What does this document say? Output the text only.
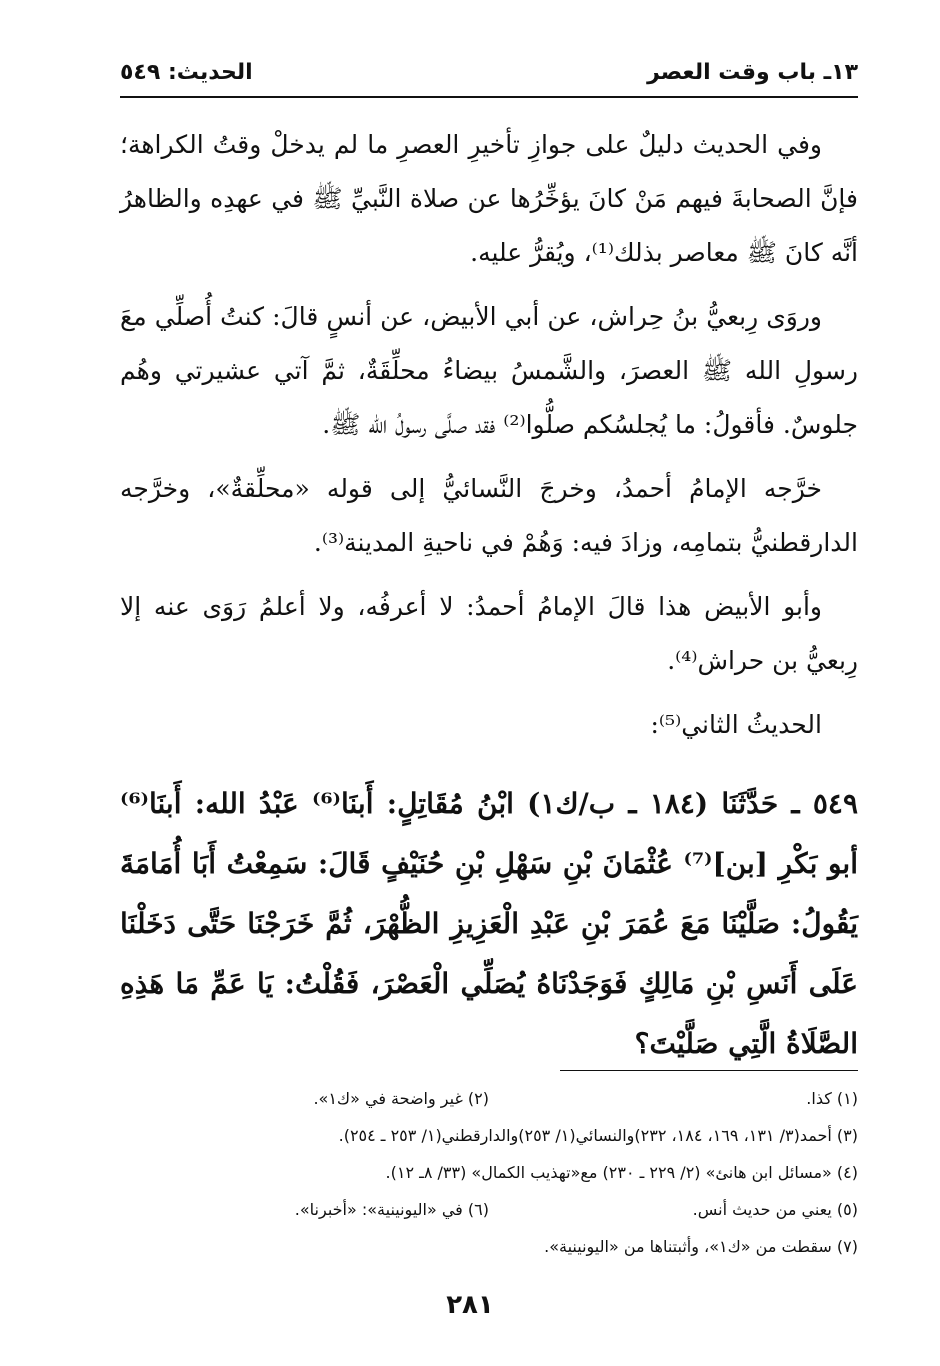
١٣ـ باب وقت العصر
الحديث: ٥٤٩

وفي الحديث دليلٌ على جوازِ تأخيرِ العصرِ ما لم يدخلْ وقتُ الكراهة؛ فإنَّ الصحابةَ فيهم مَنْ كانَ يؤخِّرُها عن صلاة النَّبيِّ ﷺ في عهدِه والظاهرُ أنَّه كانَ ﷺ معاصر بذلك⁽¹⁾، ويُقرُّ عليه.

وروَى رِبعيُّ بنُ حِراش، عن أبي الأبيض، عن أنسٍ قالَ: كنتُ أُصلِّي معَ رسولِ الله ﷺ العصرَ، والشَّمسُ بيضاءُ محلِّقَةٌ، ثمَّ آتي عشيرتي وهُم جلوسٌ. فأقولُ: ما يُجلسُكم صلُّوا⁽²⁾ فقد صلَّى رسولُ الله ﷺ.

خرَّجه الإمامُ أحمدُ، وخرجَ النَّسائيُّ إلى قوله «محلِّقةٌ»، وخرَّجه الدارقطنيُّ بتمامِه، وزادَ فيه: وَهُمْ في ناحيةِ المدينة⁽³⁾.

وأبو الأبيض هذا قالَ الإمامُ أحمدُ: لا أعرفُه، ولا أعلمُ رَوَى عنه إلا رِبعيُّ بن حراش⁽⁴⁾.

الحديثُ الثاني⁽⁵⁾:

٥٤٩ ـ حَدَّثَنَا (١٨٤ ـ ب/ك١) ابْنُ مُقَاتِلٍ: أَبنَا⁽⁶⁾ عَبْدُ الله: أَبنَا⁽⁶⁾ أبو بَكْرِ [بن]⁽⁷⁾ عُثْمَانَ بْنِ سَهْلِ بْنِ حُنَيْفٍ قَالَ: سَمِعْتُ أَبَا أُمَامَةَ يَقُولُ: صَلَّيْنَا مَعَ عُمَرَ بْنِ عَبْدِ الْعَزِيزِ الظُّهْرَ، ثُمَّ خَرَجْنَا حَتَّى دَخَلْنَا عَلَى أَنَسِ بْنِ مَالِكٍ فَوَجَدْنَاهُ يُصَلِّي الْعَصْرَ، فَقُلْتُ: يَا عَمِّ مَا هَذِهِ الصَّلَاةُ الَّتِي صَلَّيْتَ؟

(١) كذا.
(٢) غير واضحة في «ك١».
(٣) أحمد(٣/ ١٣١، ١٦٩، ١٨٤، ٢٣٢)والنسائي(١/ ٢٥٣)والدارقطني(١/ ٢٥٣ ـ ٢٥٤).
(٤) «مسائل ابن هانئ» (٢/ ٢٢٩ ـ ٢٣٠) مع«تهذيب الكمال» (٣٣/ ٨ـ ١٢).
(٥) يعني من حديث أنس.
(٦) في «اليونينية»: «أخبرنا».
(٧) سقطت من «ك١»، وأثبتناها من «اليونينية».
٢٨١
